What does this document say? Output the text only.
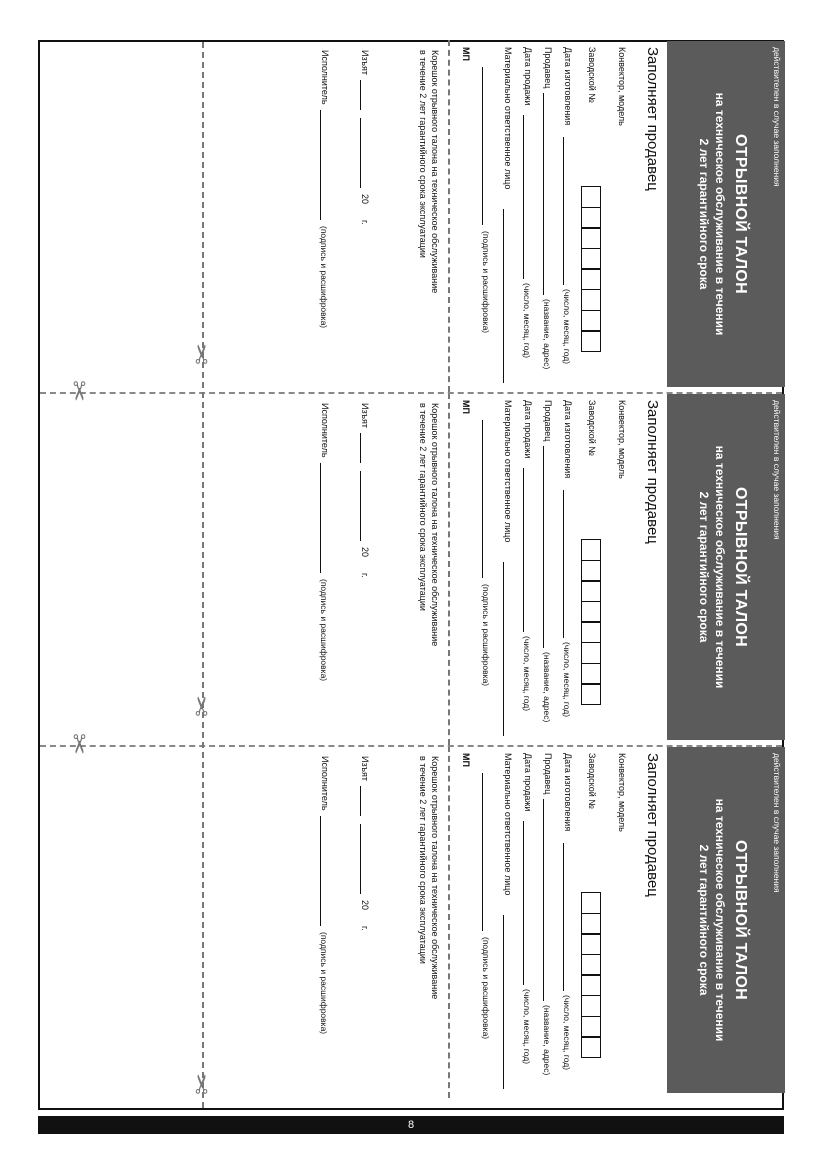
действителен в случае заполнения
ОТРЫВНОЙ ТАЛОН
на техническое обслуживание в течении
2 лет гарантийного срока
Заполняет продавец
Конвектор, модель
Заводской №
Дата изготовления
(число, месяц, год)
Продавец
(название, адрес)
Дата продажи
(число, месяц, год)
Материально ответственное лицо
(подпись и расшифровка)
МП
Корешок отрывного талона на техническое обслуживание
в течение 2 лет гарантийного срока эксплуатации
Изъят
20
г.
Исполнитель
(подпись и расшифровка)
действителен в случае заполнения
ОТРЫВНОЙ ТАЛОН
на техническое обслуживание в течении
2 лет гарантийного срока
Заполняет продавец
Конвектор, модель
Заводской №
Дата изготовления
(число, месяц, год)
Продавец
(название, адрес)
Дата продажи
(число, месяц, год)
Материально ответственное лицо
(подпись и расшифровка)
МП
Корешок отрывного талона на техническое обслуживание
в течение 2 лет гарантийного срока эксплуатации
Изъят
20
г.
Исполнитель
(подпись и расшифровка)
действителен в случае заполнения
ОТРЫВНОЙ ТАЛОН
на техническое обслуживание в течении
2 лет гарантийного срока
Заполняет продавец
Конвектор, модель
Заводской №
Дата изготовления
(число, месяц, год)
Продавец
(название, адрес)
Дата продажи
(число, месяц, год)
Материально ответственное лицо
(подпись и расшифровка)
МП
Корешок отрывного талона на техническое обслуживание
в течение 2 лет гарантийного срока эксплуатации
Изъят
20
г.
Исполнитель
(подпись и расшифровка)
✂
✂
✂
✂
✂
8
